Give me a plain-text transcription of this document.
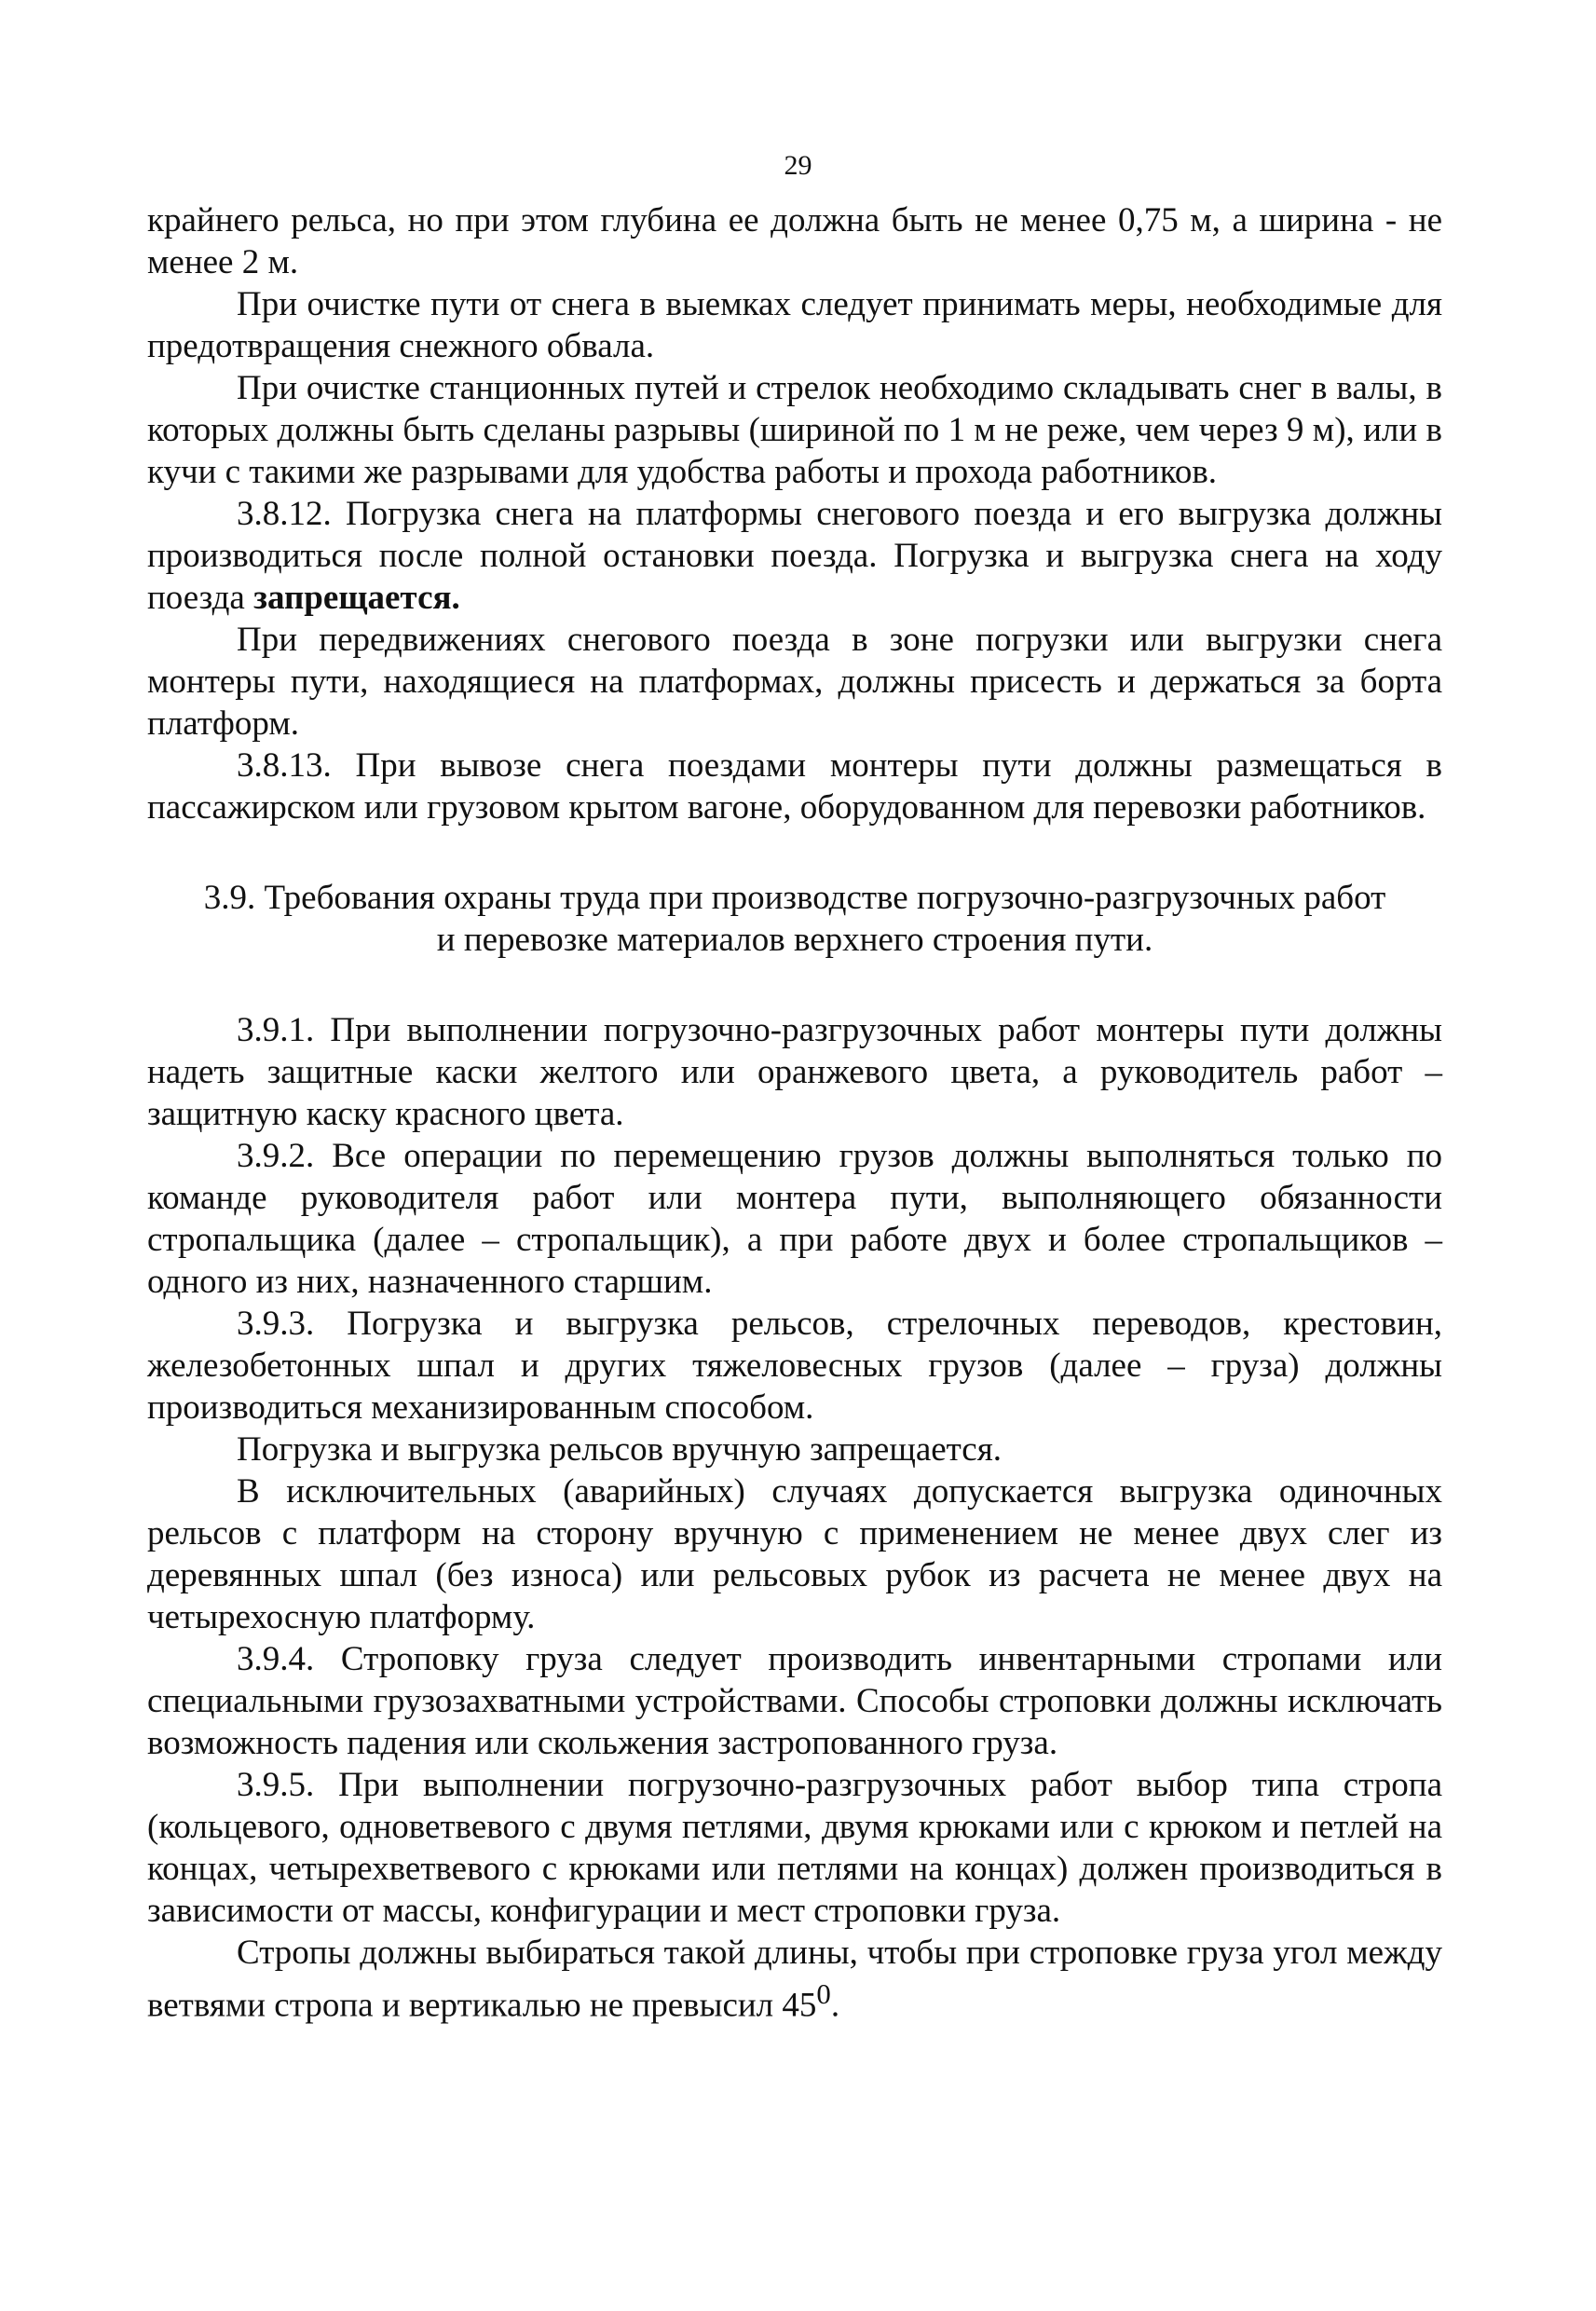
29

крайнего рельса, но при этом глубина ее должна быть не менее 0,75 м, а ширина - не менее 2 м.

При очистке пути от снега в выемках следует принимать меры, необходимые для предотвращения снежного обвала.

При очистке станционных путей и стрелок необходимо складывать снег в валы, в которых должны быть сделаны разрывы (шириной по 1 м не реже, чем через 9 м), или в кучи с такими же разрывами для удобства работы и прохода работников.

3.8.12. Погрузка снега на платформы снегового поезда и его выгрузка должны производиться после полной остановки поезда. Погрузка и выгрузка снега на ходу поезда запрещается.

При передвижениях снегового поезда в зоне погрузки или выгрузки снега монтеры пути, находящиеся на платформах, должны присесть и держаться за борта платформ.

3.8.13. При вывозе снега поездами монтеры пути должны размещаться в пассажирском или грузовом крытом вагоне, оборудованном для перевозки работников.

3.9. Требования охраны труда при производстве погрузочно-разгрузочных работ и перевозке материалов верхнего строения пути.

3.9.1. При выполнении погрузочно-разгрузочных работ монтеры пути должны надеть защитные каски желтого или оранжевого цвета, а руководитель работ – защитную каску красного цвета.

3.9.2. Все операции по перемещению грузов должны выполняться только по команде руководителя работ или монтера пути, выполняющего обязанности стропальщика (далее – стропальщик), а при работе двух и более стропальщиков – одного из них, назначенного старшим.

3.9.3. Погрузка и выгрузка рельсов, стрелочных переводов, крестовин, железобетонных шпал и других тяжеловесных грузов (далее – груза) должны производиться механизированным способом.

Погрузка и выгрузка рельсов вручную запрещается.

В исключительных (аварийных) случаях допускается выгрузка одиночных рельсов с платформ на сторону вручную с применением не менее двух слег из деревянных шпал (без износа) или рельсовых рубок из расчета не менее двух на четырехосную платформу.

3.9.4. Строповку груза следует производить инвентарными стропами или специальными грузозахватными устройствами. Способы строповки должны исключать возможность падения или скольжения застропованного груза.

3.9.5. При выполнении погрузочно-разгрузочных работ выбор типа стропа (кольцевого, одноветвевого с двумя петлями, двумя крюками или с крюком и петлей на концах, четырехветвевого с крюками или петлями на концах) должен производиться в зависимости от массы, конфигурации и мест строповки груза.

Стропы должны выбираться такой длины, чтобы при строповке груза угол между ветвями стропа и вертикалью не превысил $45^0$.
